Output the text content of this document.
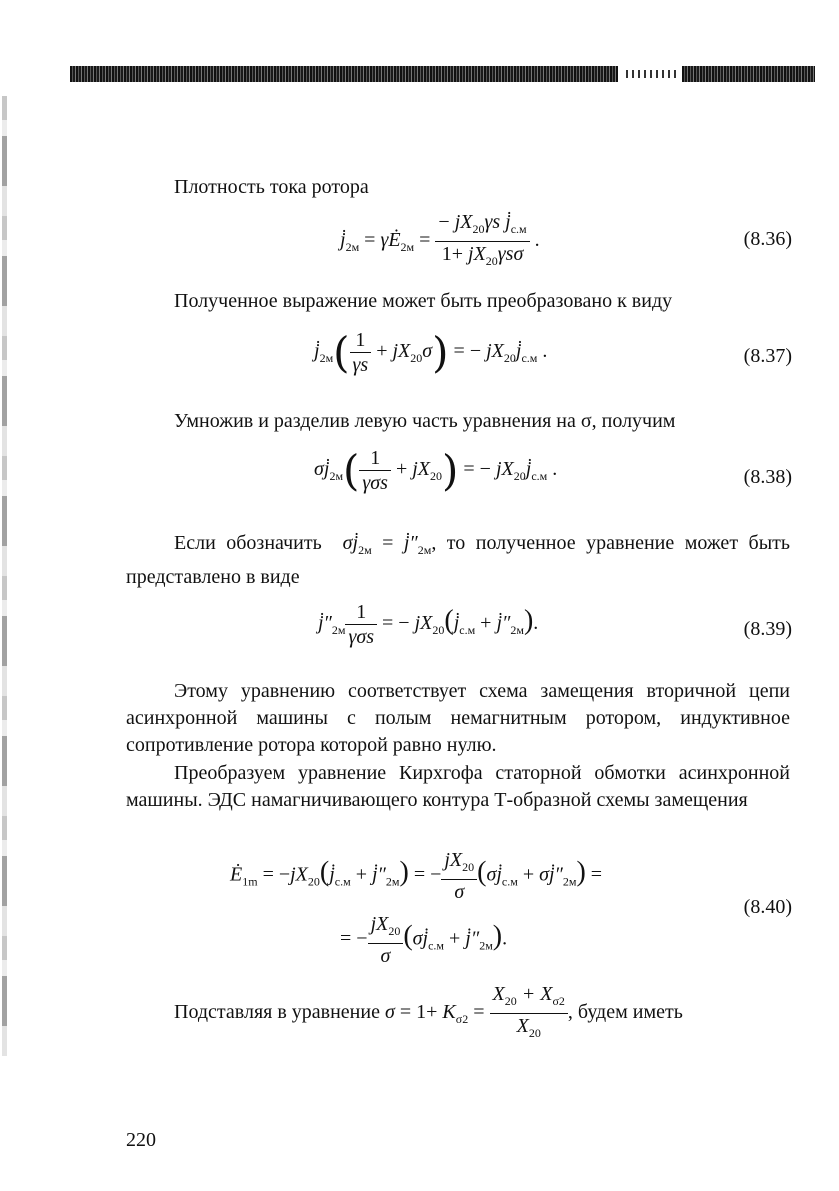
Плотность тока ротора
$j̇_{2м}$ = $\gamma Ė_{2м} = \frac{- jX_{20}\gamma s j̇_{с.м}}{1+ jX_{20}\gamma s\sigma}$ .	(8.36)
Полученное выражение может быть преобразовано к виду
$j̇_{2м}( \frac{1}{\gamma s} + jX_{20}\sigma)$ = − $jX_{20}j̇_{с.м}$ .	(8.37)
Умножив и разделив левую часть уравнения на σ, получим
$\sigma j̇_{2м}( \frac{1}{\text{γσs}} + jX_{20})$ = − $jX_{20}j̇_{с.м}$ .	(8.38)
Если обозначить $\sigma j̇_{2м}$ = $j̇''_{2м}$, то полученное уравнение может быть представлено в виде
$j̇''_{2м} \frac{1}{\text{γσs}}$ = − $jX_{20}(j̇_{с.м}$ + $j̇''_{2м}$).	(8.39)
Этому уравнению соответствует схема замещения вторичной цепи асинхронной машины с полым немагнитным ротором, индуктивное сопротивление ротора которой равно нулю.
Преобразуем уравнение Кирхгофа статорной обмотки асинхронной машины. ЭДС намагничивающего контура Т-образной схемы замещения
$Ė_{1m}$ = $-jX_{20}(j̇_{с.м}$ + $j̇''_{2м}$) = − $\frac{jX_{20}}{\sigma}$ ($\sigma j̇_{с.м}$ + $\sigma j̇''_{2м}$) =
(8.40)
= − $\frac{jX_{20}}{\sigma}$ ($\sigma j̇_{с.м}$ + $j̇''_{2м}$).
Подставляя в уравнение $\sigma = 1+ K_{\sigma 2} = \frac{X_{20} + X_{\sigma 2}}{X_{20}}$ , будем иметь
220
